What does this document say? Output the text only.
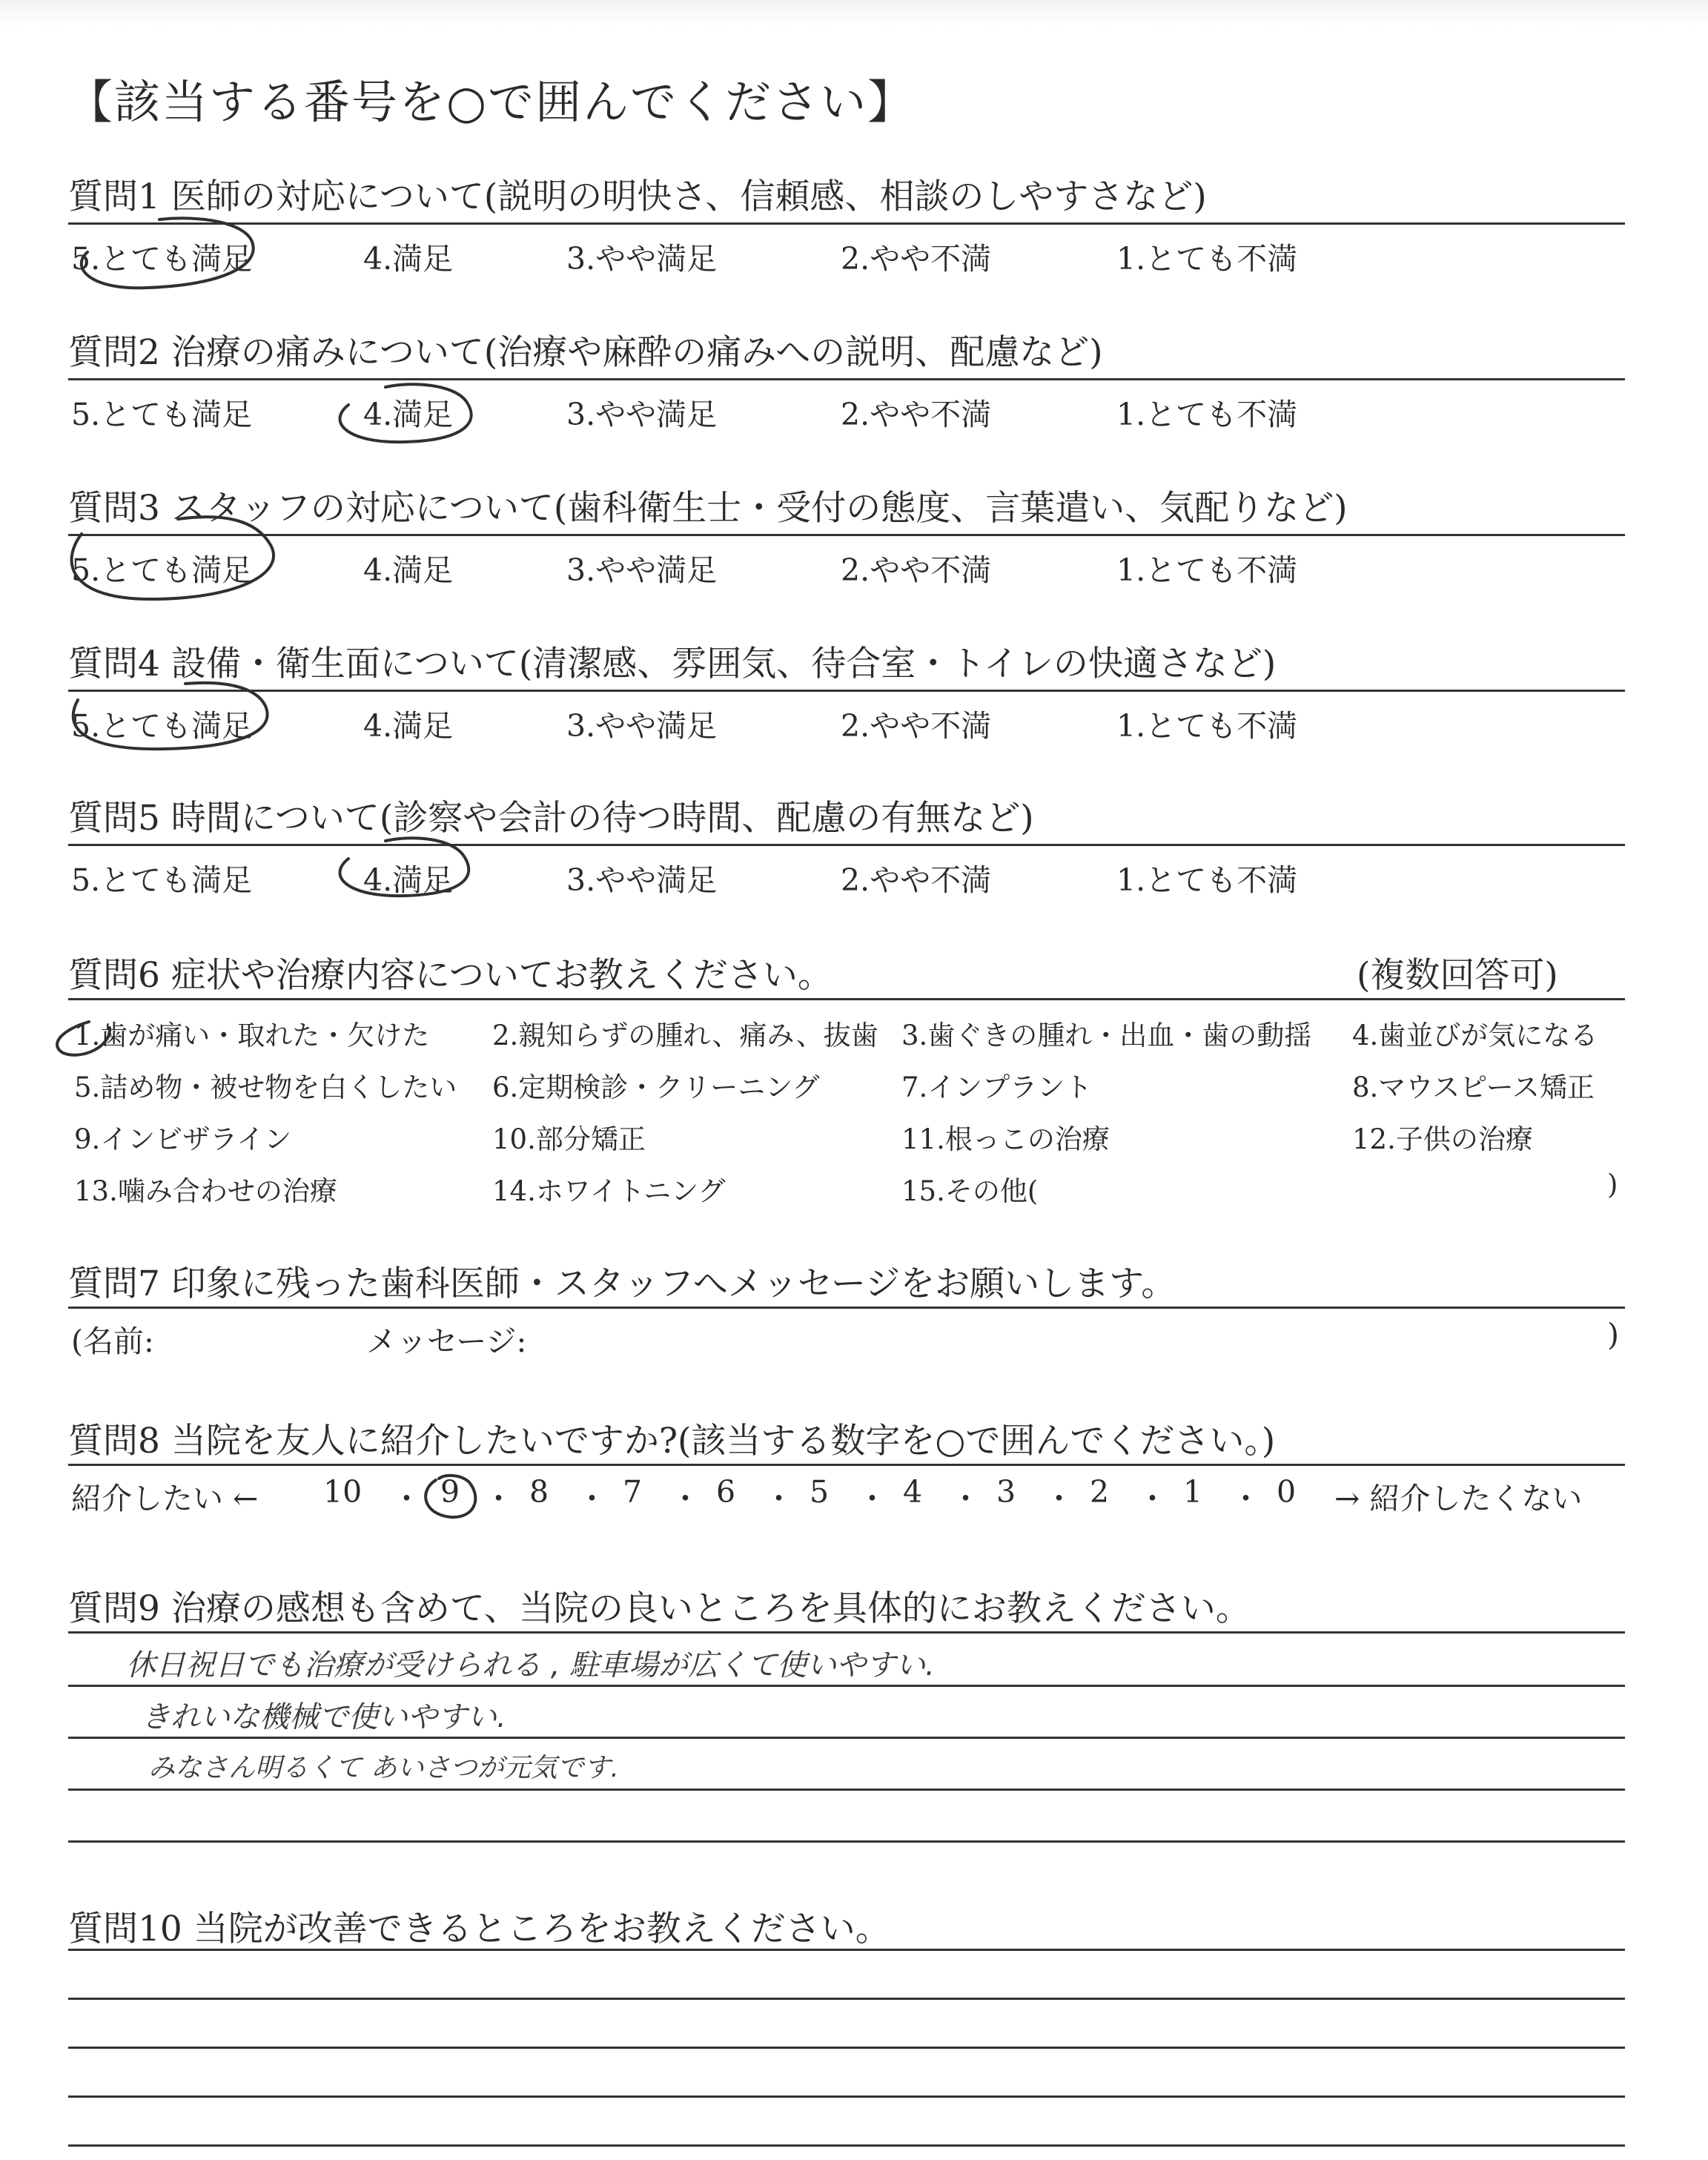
【該当する番号を○で囲んでください】
質問1 医師の対応について(説明の明快さ、信頼感、相談のしやすさなど)
5.とても満足	4.満足	3.やや満足	2.やや不満	1.とても不満
質問2 治療の痛みについて(治療や麻酔の痛みへの説明、配慮など)
5.とても満足	4.満足	3.やや満足	2.やや不満	1.とても不満
質問3 スタッフの対応について(歯科衛生士・受付の態度、言葉遣い、気配りなど)
5.とても満足	4.満足	3.やや満足	2.やや不満	1.とても不満
質問4 設備・衛生面について(清潔感、雰囲気、待合室・トイレの快適さなど)
5.とても満足	4.満足	3.やや満足	2.やや不満	1.とても不満
質問5 時間について(診察や会計の待つ時間、配慮の有無など)
5.とても満足	4.満足	3.やや満足	2.やや不満	1.とても不満
質問6 症状や治療内容についてお教えください。	(複数回答可)
1.歯が痛い・取れた・欠けた 2.親知らずの腫れ、痛み、抜歯 3.歯ぐきの腫れ・出血・歯の動揺 4.歯並びが気になる
5.詰め物・被せ物を白くしたい 6.定期検診・クリーニング	7.インプラント	8.マウスピース矯正
9.インビザライン	10.部分矯正	11.根っこの治療	12.子供の治療
13.噛み合わせの治療	14.ホワイトニング	15.その他(	)
質問7 印象に残った歯科医師・スタッフへメッセージをお願いします。
(名前:	メッセージ:	)
質問8 当院を友人に紹介したいですか?(該当する数字を○で囲んでください。)
紹介したい ←	→ 紹介したくない
10 ・ 9 ・ 8 ・ 7 ・ 6 ・ 5 ・ 4 ・ 3 ・ 2 ・ 1 ・ 0
質問9 治療の感想も含めて、当院の良いところを具体的にお教えください。
休日祝日でも治療が受けられる , 駐車場が広くて使いやすい.
きれいな機械で使いやすい.
みなさん明るくて あいさつが元気です.
質問10 当院が改善できるところをお教えください。
